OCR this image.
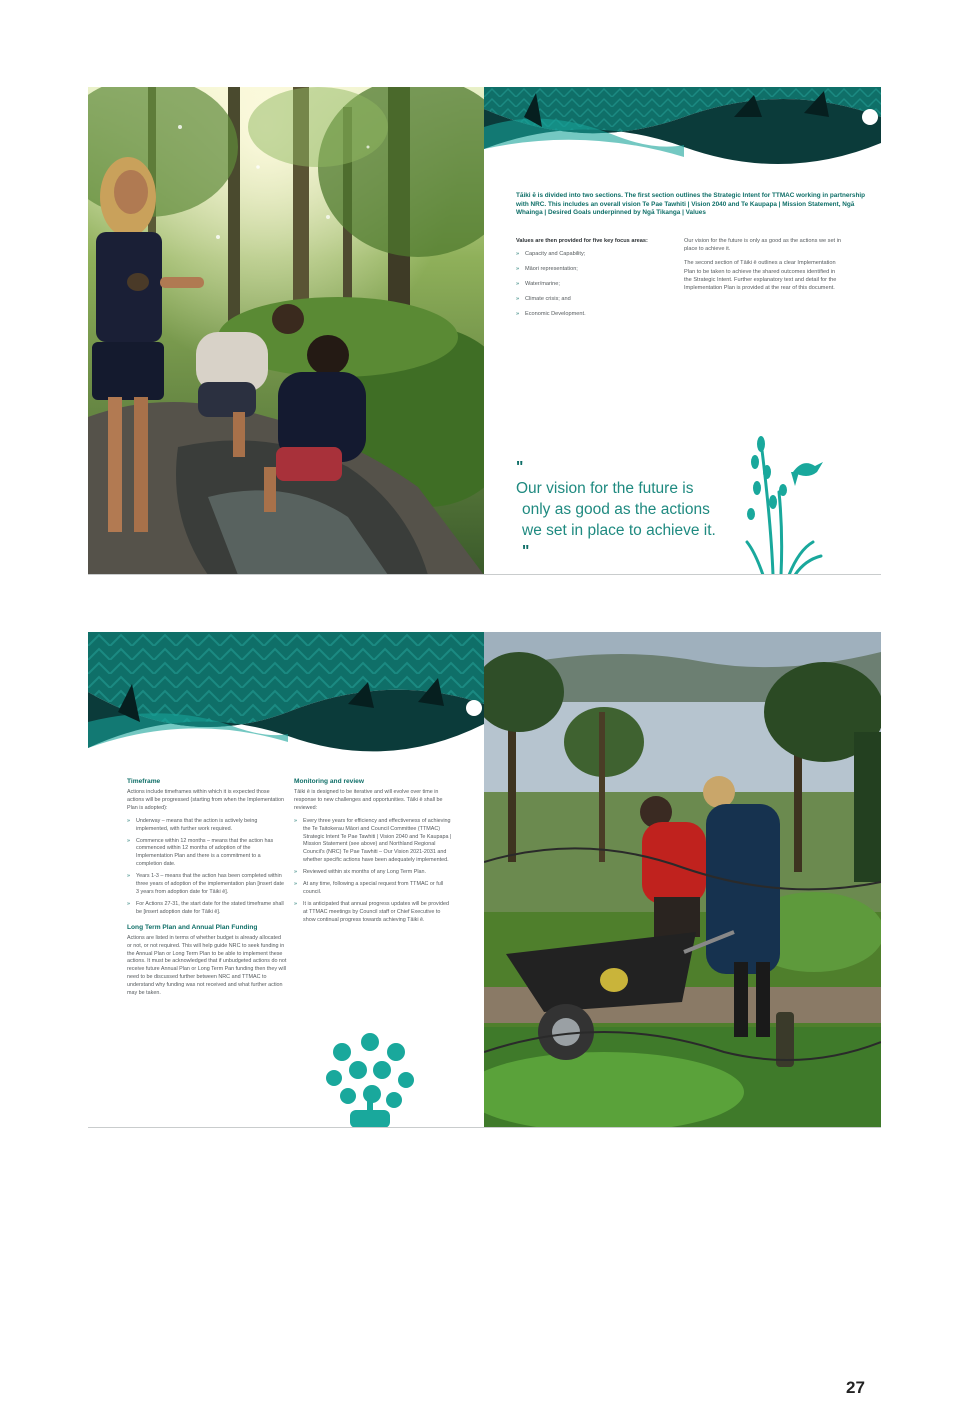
Tāiki ē is divided into two sections. The first section outlines the Strategic Intent for TTMAC working in partnership with NRC. This includes an overall vision Te Pae Tawhiti | Vision 2040 and Te Kaupapa | Mission Statement, Ngā Whainga | Desired Goals underpinned by Ngā Tikanga | Values

Values are then provided for five key focus areas:

» Capacity and Capability;
» Māori representation;
» Water/marine;
» Climate crisis; and
» Economic Development.

Our vision for the future is only as good as the actions we set in place to achieve it.

The second section of Tāiki ē outlines a clear Implementation Plan to be taken to achieve the shared outcomes identified in the Strategic Intent. Further explanatory text and detail for the Implementation Plan is provided at the rear of this document.

"
Our vision for the future is
only as good as the actions
we set in place to achieve it.
"

Timeframe

Actions include timeframes within which it is expected those actions will be progressed (starting from when the Implementation Plan is adopted):

» Underway – means that the action is actively being implemented, with further work required.
» Commence within 12 months – means that the action has commenced within 12 months of adoption of the Implementation Plan and there is a commitment to a completion date.
» Years 1-3 – means that the action has been completed within three years of adoption of the implementation plan [insert date 3 years from adoption date for Tāiki ē].
» For Actions 27-31, the start date for the stated timeframe shall be [insert adoption date for Tāiki ē].

Long Term Plan and Annual Plan Funding

Actions are listed in terms of whether budget is already allocated or not, or not required. This will help guide NRC to seek funding in the Annual Plan or Long Term Plan to be able to implement these actions. It must be acknowledged that if unbudgeted actions do not receive future Annual Plan or Long Term Pan funding then they will need to be discussed further between NRC and TTMAC to understand why funding was not received and what further action may be taken.

Monitoring and review

Tāiki ē is designed to be iterative and will evolve over time in response to new challenges and opportunities. Tāiki ē shall be reviewed:

» Every three years for efficiency and effectiveness of achieving the Te Taitokerau Māori and Council Committee (TTMAC) Strategic Intent Te Pae Tawhiti | Vision 2040 and Te Kaupapa | Mission Statement (see above) and Northland Regional Council's (NRC) Te Pae Tawhiti – Our Vision 2021-2031 and whether specific actions have been adequately implemented.
» Reviewed within six months of any Long Term Plan.
» At any time, following a special request from TTMAC or full council.
» It is anticipated that annual progress updates will be provided at TTMAC meetings by Council staff or Chief Executive to show continual progress towards achieving Tāiki ē.
27
